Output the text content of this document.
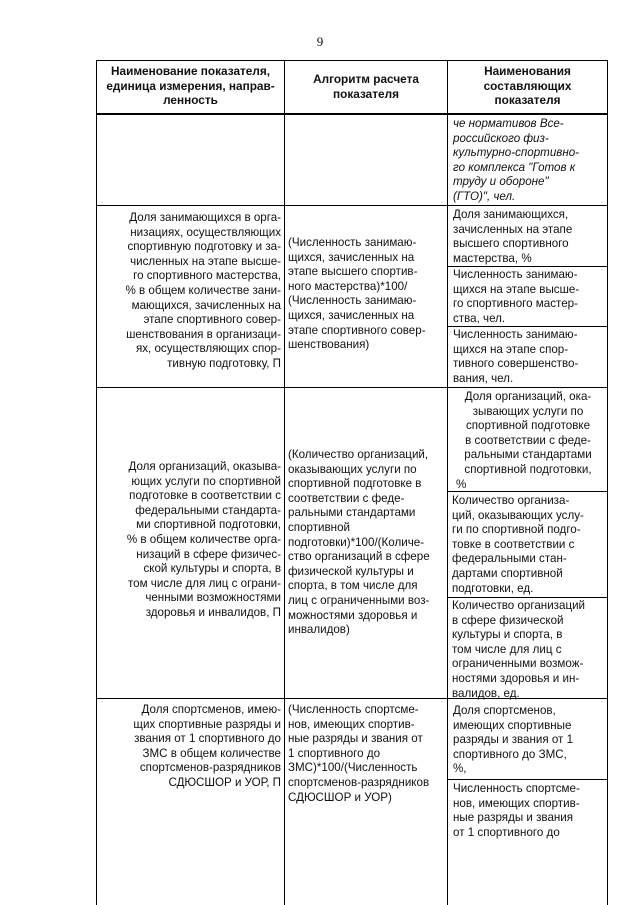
9
Наименование показателя,
единица измерения, направ-
ленность
Алгоритм расчета
показателя
Наименования
составляющих
показателя
че нормативов Все-
российского физ-
культурно-спортивно-
го комплекса "Готов к
труду и обороне"
(ГТО)", чел.
Доля занимающихся в орга-
низациях, осуществляющих
спортивную подготовку и за-
численных на этапе высше-
го спортивного мастерства,
% в общем количестве зани-
мающихся, зачисленных на
этапе спортивного совер-
шенствования в организаци-
ях, осуществляющих спор-
тивную подготовку, П
(Численность занимаю-
щихся, зачисленных на
этапе высшего спортив-
ного мастерства)*100/
(Численность занимаю-
щихся, зачисленных на
этапе спортивного совер-
шенствования)
Доля занимающихся,
зачисленных на этапе
высшего спортивного
мастерства, %
Численность занимаю-
щихся на этапе высше-
го спортивного мастер-
ства, чел.
Численность занимаю-
щихся на этапе спор-
тивного совершенство-
вания, чел.
Доля организаций, оказыва-
ющих услуги по спортивной
подготовке в соответствии с
федеральными стандарта-
ми спортивной подготовки,
% в общем количестве орга-
низаций в сфере физичес-
ской культуры и спорта, в
том числе для лиц с ограни-
ченными возможностями
здоровья и инвалидов, П
(Количество организаций,
оказывающих услуги по
спортивной подготовке в
соответствии с феде-
ральными стандартами
спортивной
подготовки)*100/(Количе-
ство организаций в сфере
физической культуры и
спорта, в том числе для
лиц с ограниченными воз-
можностями здоровья и
инвалидов)
Доля организаций, ока-
зывающих услуги по
спортивной подготовке
в соответствии с феде-
ральными стандартами
спортивной подготовки,
%
Количество организа-
ций, оказывающих услу-
ги по спортивной подго-
товке в соответствии с
федеральными стан-
дартами спортивной
подготовки, ед.
Количество организаций
в сфере физической
культуры и спорта, в
том числе для лиц с
ограниченными возмож-
ностями здоровья и ин-
валидов, ед.
Доля спортсменов, имею-
щих спортивные разряды и
звания от 1 спортивного до
ЗМС в общем количестве
спортсменов-разрядников
СДЮСШОР и УОР, П
(Численность спортсме-
нов, имеющих спортив-
ные разряды и звания от
1 спортивного до
ЗМС)*100/(Численность
спортсменов-разрядников
СДЮСШОР и УОР)
Доля спортсменов,
имеющих спортивные
разряды и звания от 1
спортивного до ЗМС,
%,
Численность спортсме-
нов, имеющих спортив-
ные разряды и звания
от 1 спортивного до
